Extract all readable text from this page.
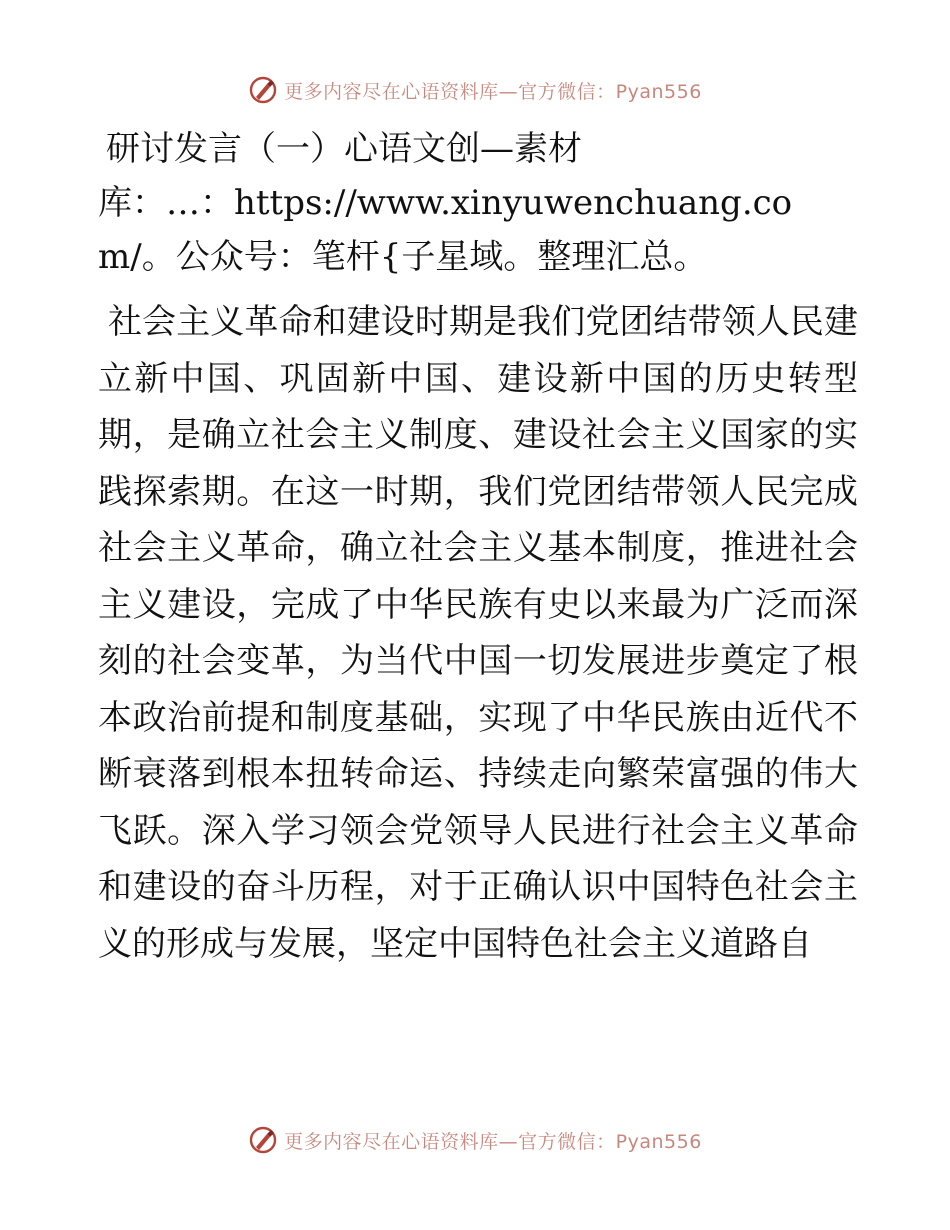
更多内容尽在心语资料库—官方微信：Pyan556
研讨发言（一）心语文创—素材

库：…：https://www.xinyuwenchuang.com/。公众号：笔杆{子星域。整理汇总。

社会主义革命和建设时期是我们党团结带领人民建立新中国、巩固新中国、建设新中国的历史转型期，是确立社会主义制度、建设社会主义国家的实践探索期。在这一时期，我们党团结带领人民完成社会主义革命，确立社会主义基本制度，推进社会主义建设，完成了中华民族有史以来最为广泛而深刻的社会变革，为当代中国一切发展进步奠定了根本政治前提和制度基础，实现了中华民族由近代不断衰落到根本扭转命运、持续走向繁荣富强的伟大飞跃。深入学习领会党领导人民进行社会主义革命和建设的奋斗历程，对于正确认识中国特色社会主义的形成与发展，坚定中国特色社会主义道路自
更多内容尽在心语资料库—官方微信：Pyan556
